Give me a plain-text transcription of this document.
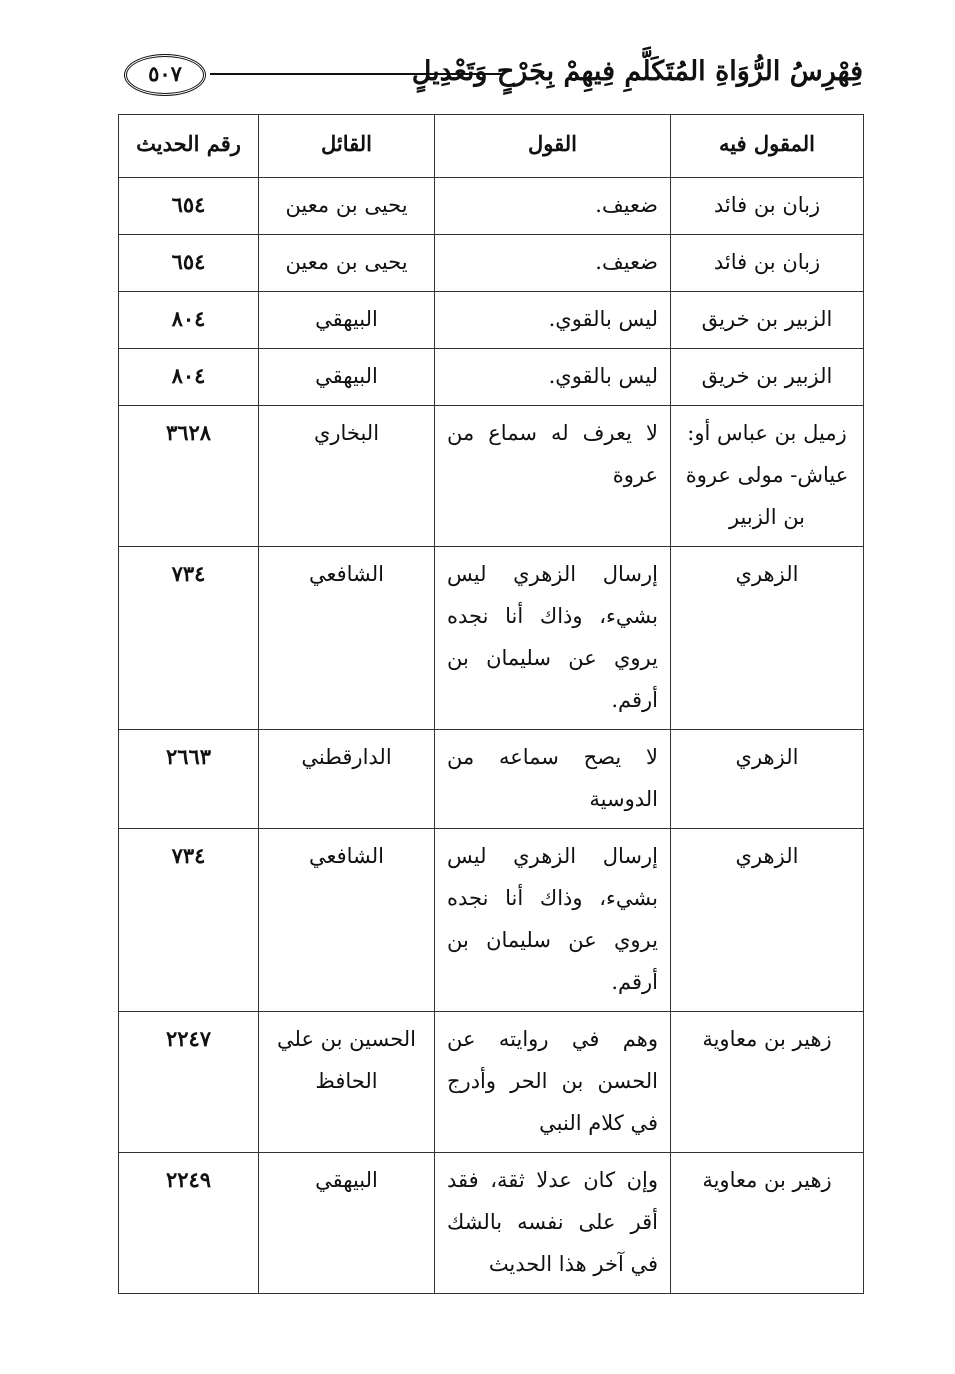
فِهْرِسُ الرُّوَاةِ المُتَكَلَّمِ فِيهِمْ بِجَرْحٍ وَتَعْدِيلٍ
٥٠٧
المقول فيه	القول	القائل	رقم الحديث
زبان بن فائد	ضعيف.	يحيى بن معين	٦٥٤
زبان بن فائد	ضعيف.	يحيى بن معين	٦٥٤
الزبير بن خريق	ليس بالقوي.	البيهقي	٨٠٤
الزبير بن خريق	ليس بالقوي.	البيهقي	٨٠٤
زميل بن عباس أو: عياش- مولى عروة بن الزبير	لا يعرف له سماع من عروة	البخاري	٣٦٢٨
الزهري	إرسال الزهري ليس بشيء، وذاك أنا نجده يروي عن سليمان بن أرقم.	الشافعي	٧٣٤
الزهري	لا يصح سماعه من الدوسية	الدارقطني	٢٦٦٣
الزهري	إرسال الزهري ليس بشيء، وذاك أنا نجده يروي عن سليمان بن أرقم.	الشافعي	٧٣٤
زهير بن معاوية	وهم في روايته عن الحسن بن الحر وأدرج في كلام النبي	الحسين بن علي الحافظ	٢٢٤٧
زهير بن معاوية	وإن كان عدلا ثقة، فقد أقر على نفسه بالشك في آخر هذا الحديث	البيهقي	٢٢٤٩
